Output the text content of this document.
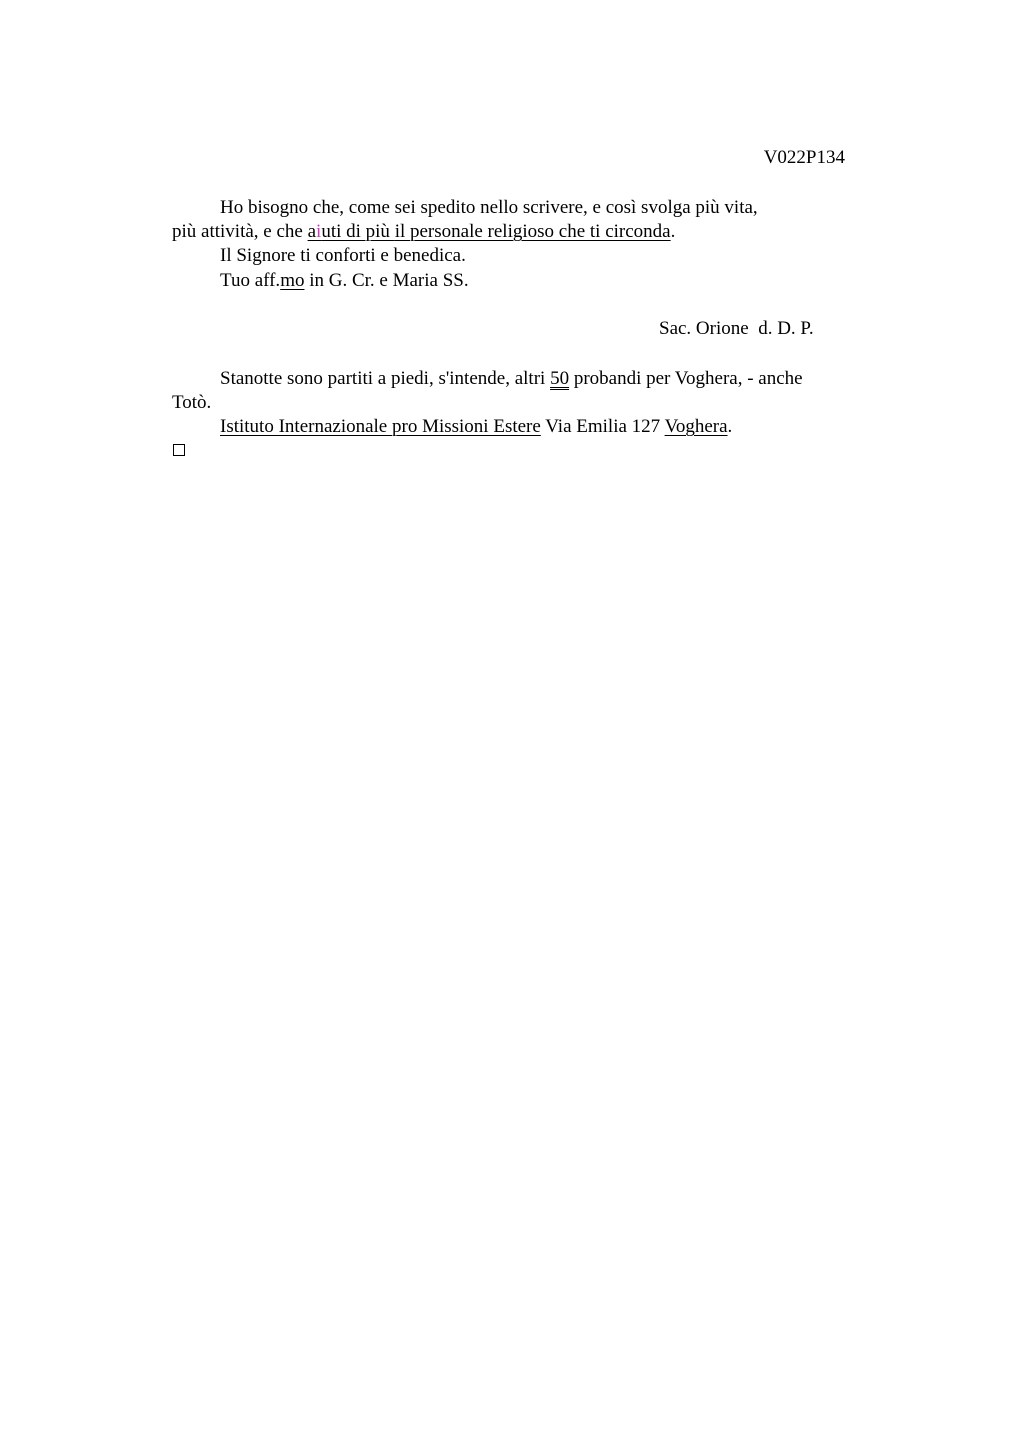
V022P134
Ho bisogno che, come sei spedito nello scrivere, e così svolga più vita,
più attività, e che aiuti di più il personale religioso che ti circonda.
Il Signore ti conforti e benedica.
Tuo aff.mo in G. Cr. e Maria SS.
Sac. Orione  d. D. P.
Stanotte sono partiti a piedi, s'intende, altri 50 probandi per Voghera, - anche
Totò.
Istituto Internazionale pro Missioni Estere Via Emilia 127 Voghera.
